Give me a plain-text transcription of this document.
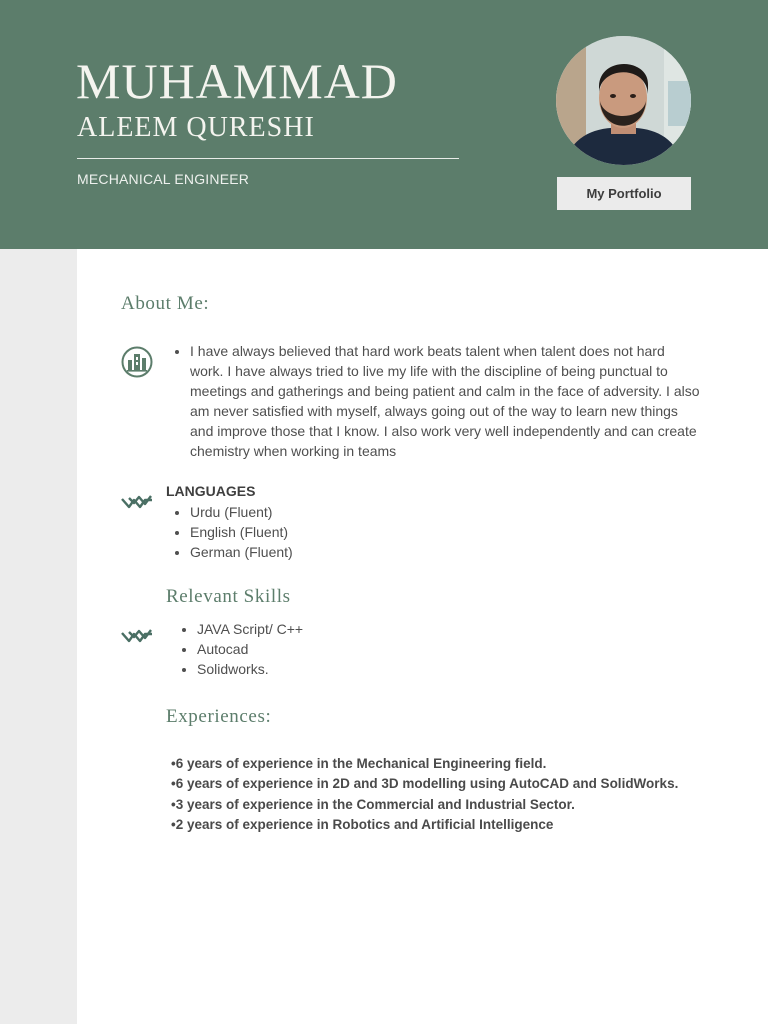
MUHAMMAD
ALEEM QURESHI
MECHANICAL ENGINEER
My Portfolio
About Me:
• I have always believed that hard work beats talent when talent does not hard work. I have always tried to live my life with the discipline of being punctual to meetings and gatherings and being patient and calm in the face of adversity. I also am never satisfied with myself, always going out of the way to learn new things and improve those that I know. I also work very well independently and can create chemistry when working in teams
LANGUAGES
• Urdu (Fluent)
• English (Fluent)
• German (Fluent)
Relevant Skills
• JAVA Script/ C++
• Autocad
• Solidworks.
Experiences:
•6 years of experience in the Mechanical Engineering field.
•6 years of experience in 2D and 3D modelling using AutoCAD and SolidWorks.
•3 years of experience in the Commercial and Industrial Sector.
•2 years of experience in Robotics and Artificial Intelligence
